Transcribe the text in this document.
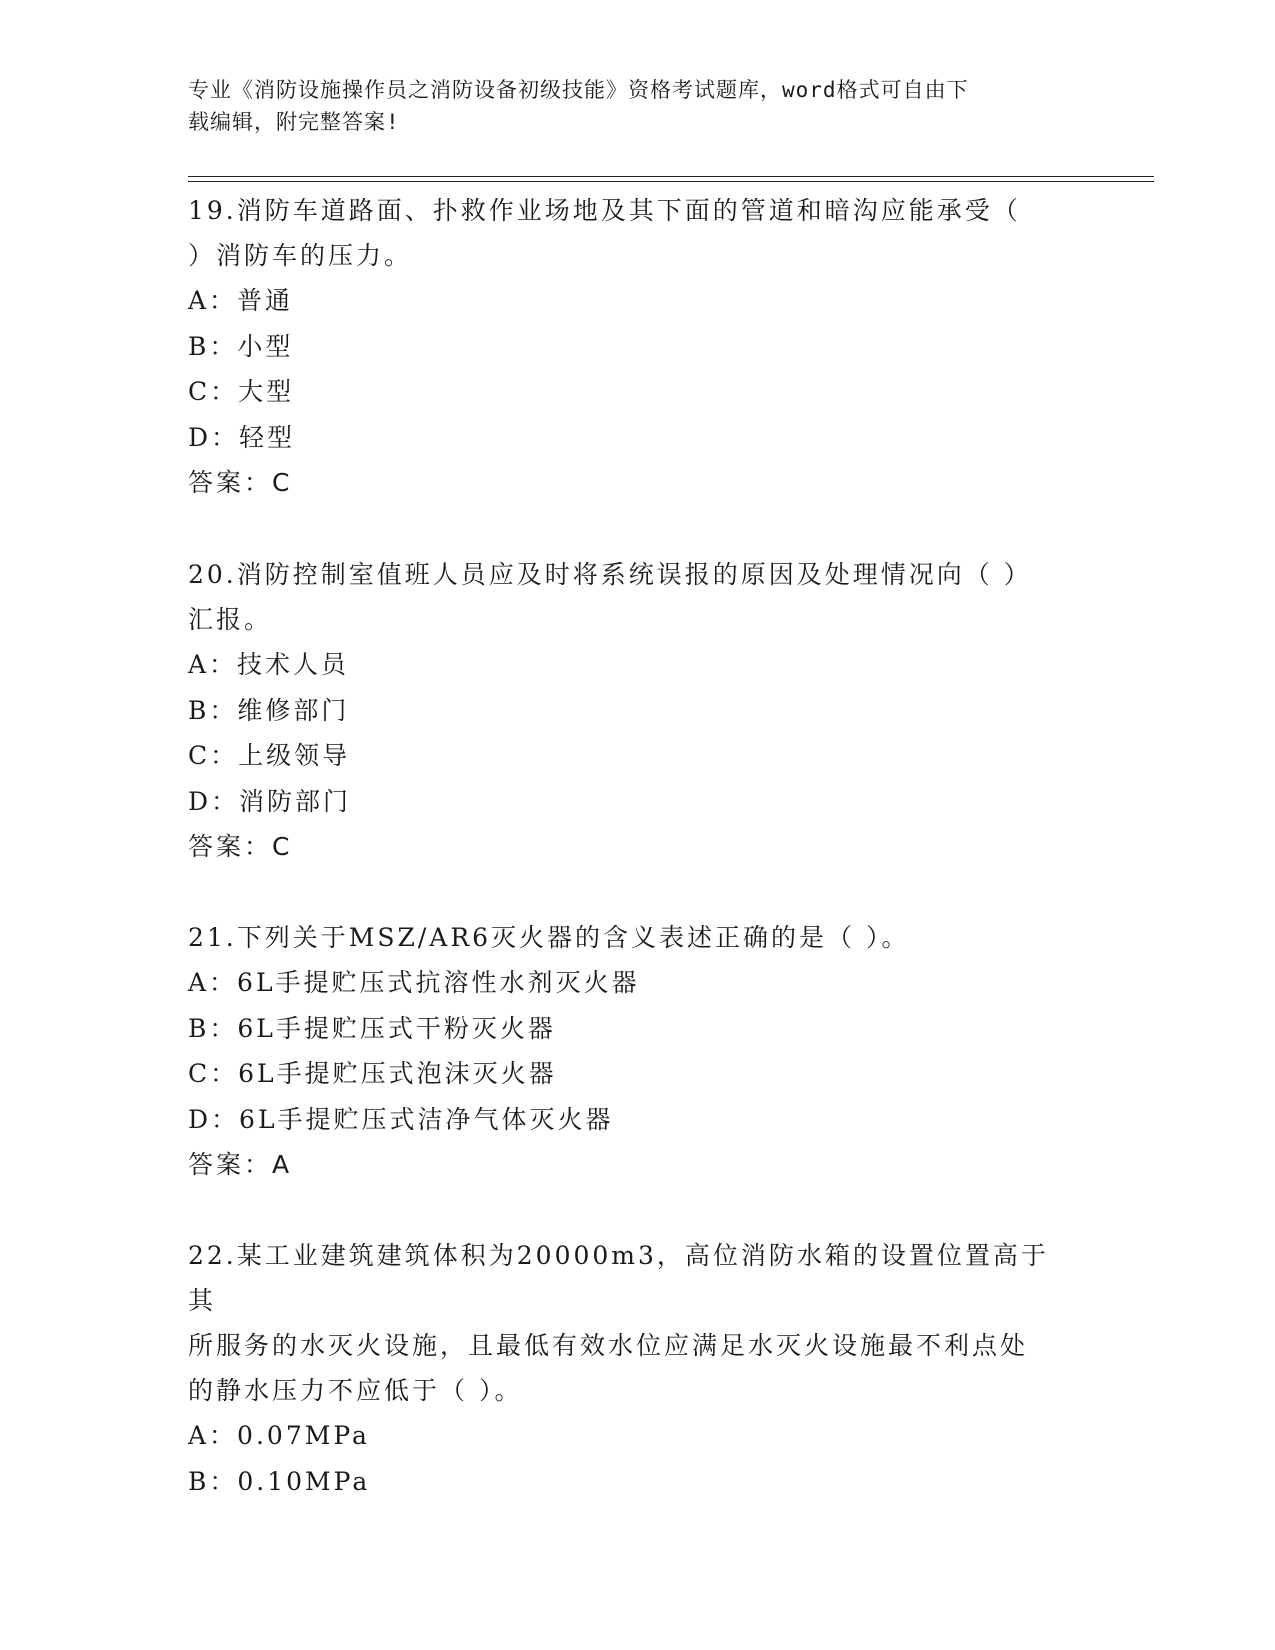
专业《消防设施操作员之消防设备初级技能》资格考试题库，word格式可自由下
载编辑，附完整答案!

19.消防车道路面、扑救作业场地及其下面的管道和暗沟应能承受（

）消防车的压力。

A：普通

B：小型

C：大型

D：轻型

答案：C

20.消防控制室值班人员应及时将系统误报的原因及处理情况向（ ）

汇报。

A：技术人员

B：维修部门

C：上级领导

D：消防部门

答案：C

21.下列关于MSZ/AR6灭火器的含义表述正确的是（ ）。

A：6L手提贮压式抗溶性水剂灭火器

B：6L手提贮压式干粉灭火器

C：6L手提贮压式泡沫灭火器

D：6L手提贮压式洁净气体灭火器

答案：A

22.某工业建筑建筑体积为20000m3，高位消防水箱的设置位置高于其

所服务的水灭火设施，且最低有效水位应满足水灭火设施最不利点处

的静水压力不应低于（ ）。

A：0.07MPa

B：0.10MPa
